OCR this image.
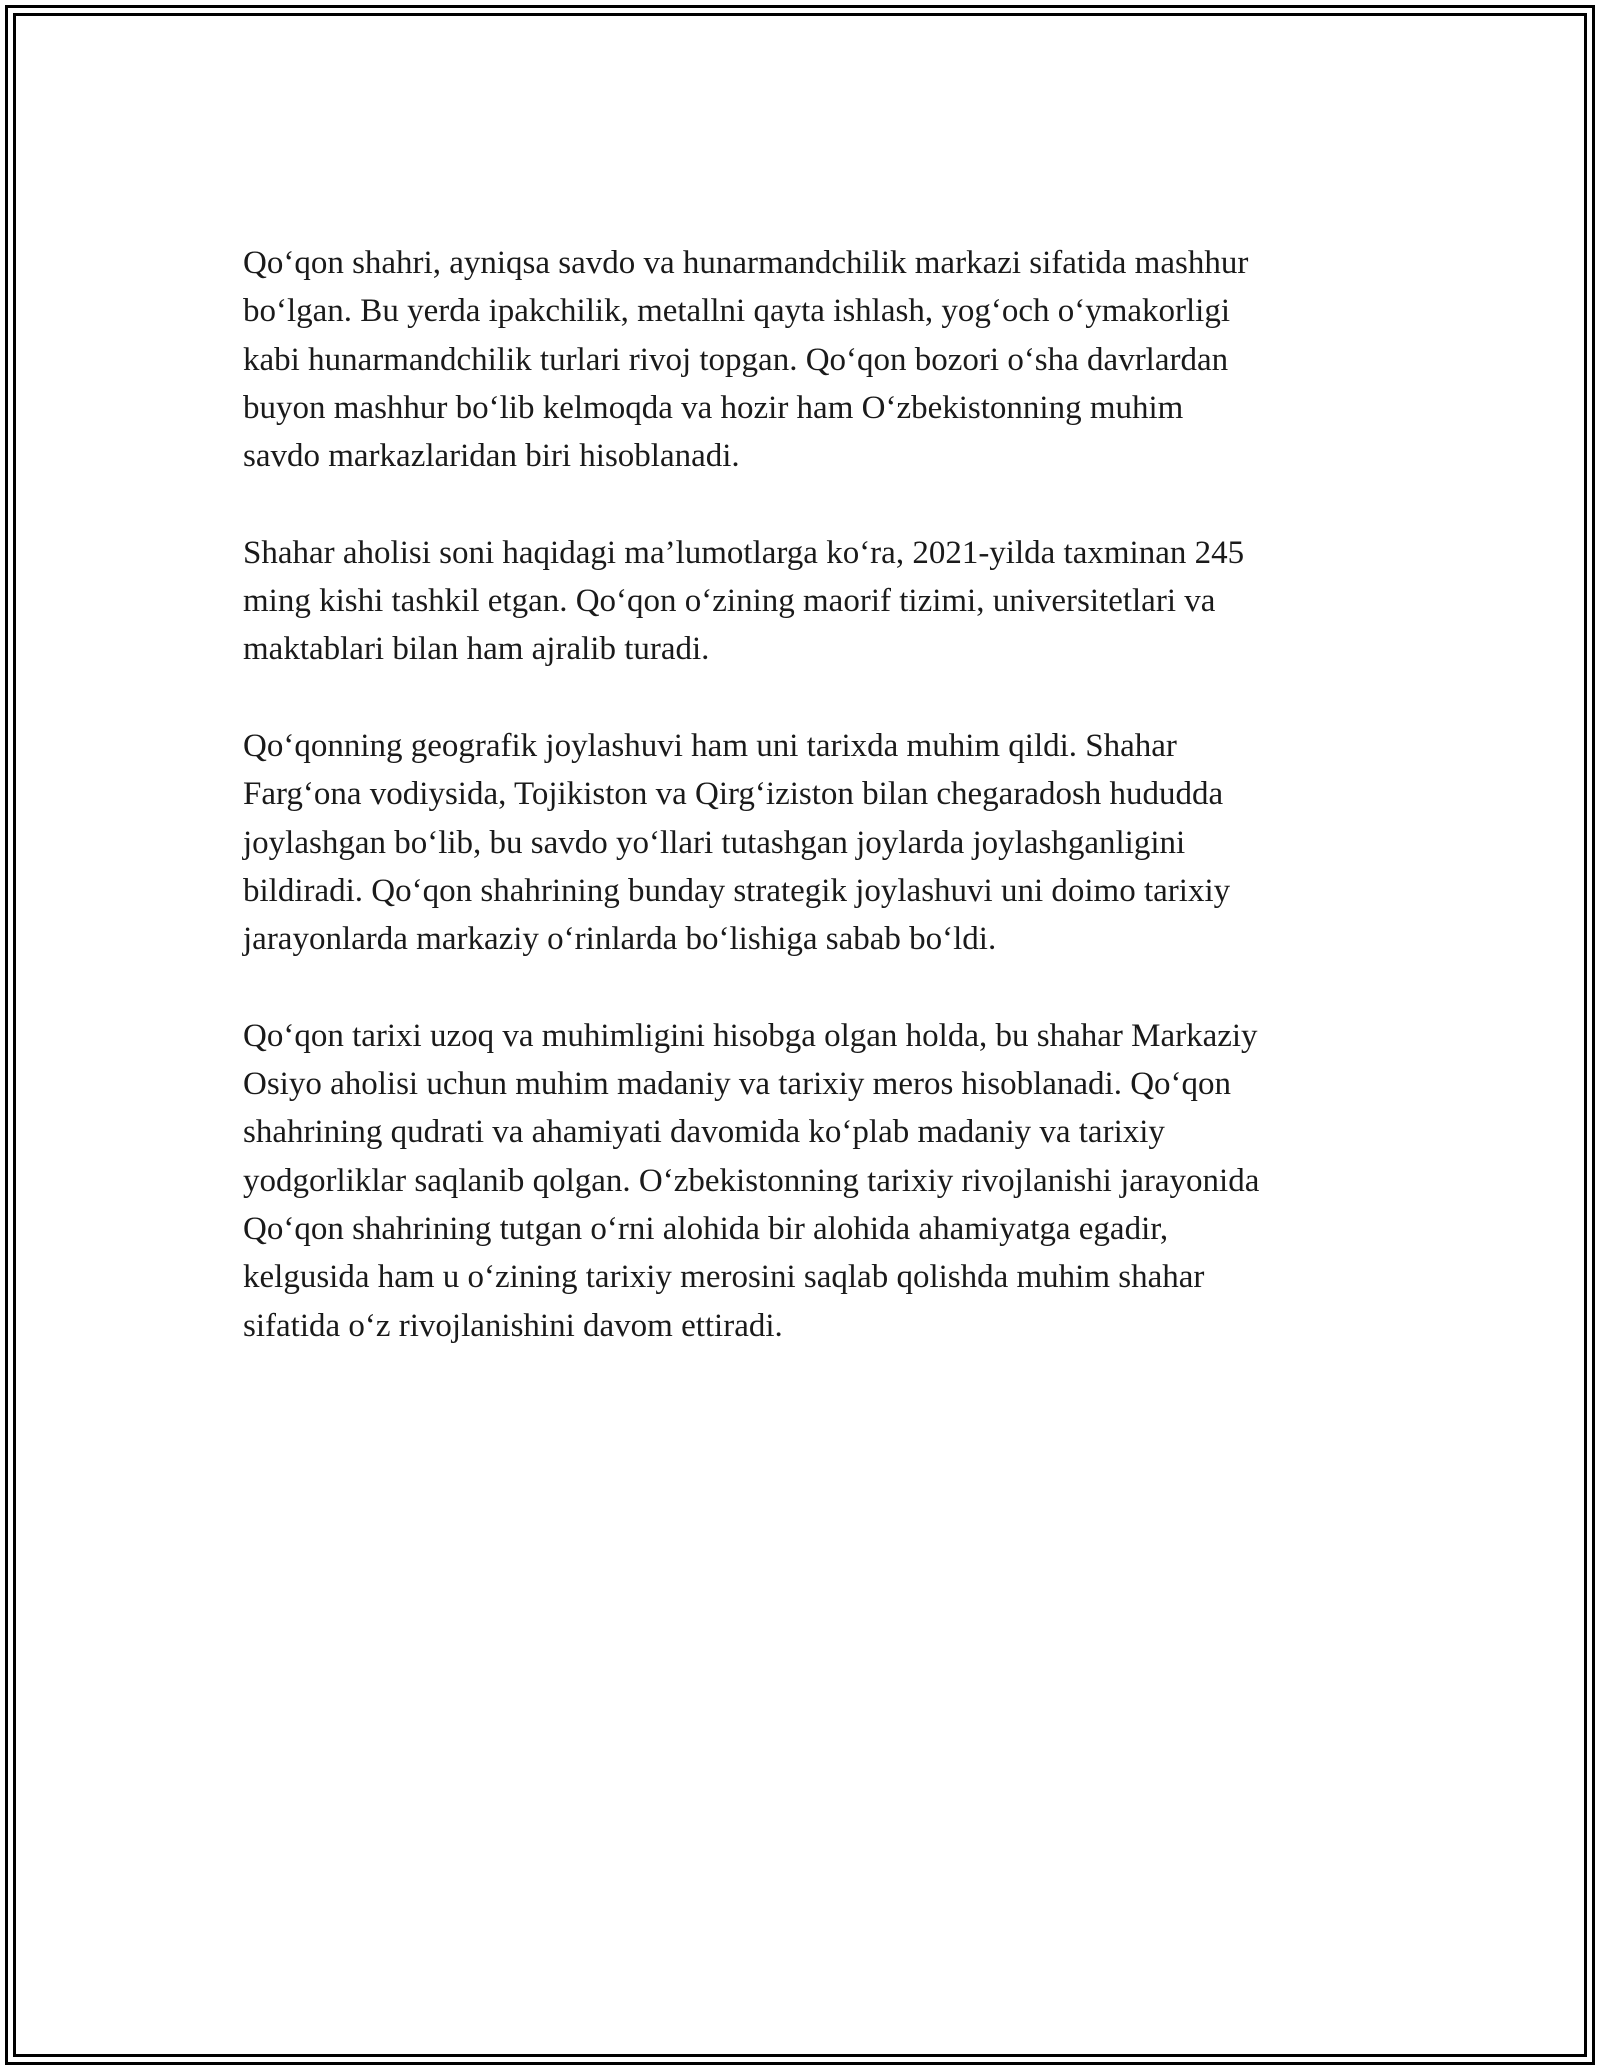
Qo‘qon shahri, ayniqsa savdo va hunarmandchilik markazi sifatida mashhur
bo‘lgan. Bu yerda ipakchilik, metallni qayta ishlash, yog‘och o‘ymakorligi
kabi hunarmandchilik turlari rivoj topgan. Qo‘qon bozori o‘sha davrlardan
buyon mashhur bo‘lib kelmoqda va hozir ham O‘zbekistonning muhim
savdo markazlaridan biri hisoblanadi.

Shahar aholisi soni haqidagi ma’lumotlarga ko‘ra, 2021-yilda taxminan 245
ming kishi tashkil etgan. Qo‘qon o‘zining maorif tizimi, universitetlari va
maktablari bilan ham ajralib turadi.

Qo‘qonning geografik joylashuvi ham uni tarixda muhim qildi. Shahar
Farg‘ona vodiysida, Tojikiston va Qirg‘iziston bilan chegaradosh hududda
joylashgan bo‘lib, bu savdo yo‘llari tutashgan joylarda joylashganligini
bildiradi. Qo‘qon shahrining bunday strategik joylashuvi uni doimo tarixiy
jarayonlarda markaziy o‘rinlarda bo‘lishiga sabab bo‘ldi.

Qo‘qon tarixi uzoq va muhimligini hisobga olgan holda, bu shahar Markaziy
Osiyo aholisi uchun muhim madaniy va tarixiy meros hisoblanadi. Qo‘qon
shahrining qudrati va ahamiyati davomida ko‘plab madaniy va tarixiy
yodgorliklar saqlanib qolgan. O‘zbekistonning tarixiy rivojlanishi jarayonida
Qo‘qon shahrining tutgan o‘rni alohida bir alohida ahamiyatga egadir,
kelgusida ham u o‘zining tarixiy merosini saqlab qolishda muhim shahar
sifatida o‘z rivojlanishini davom ettiradi.
